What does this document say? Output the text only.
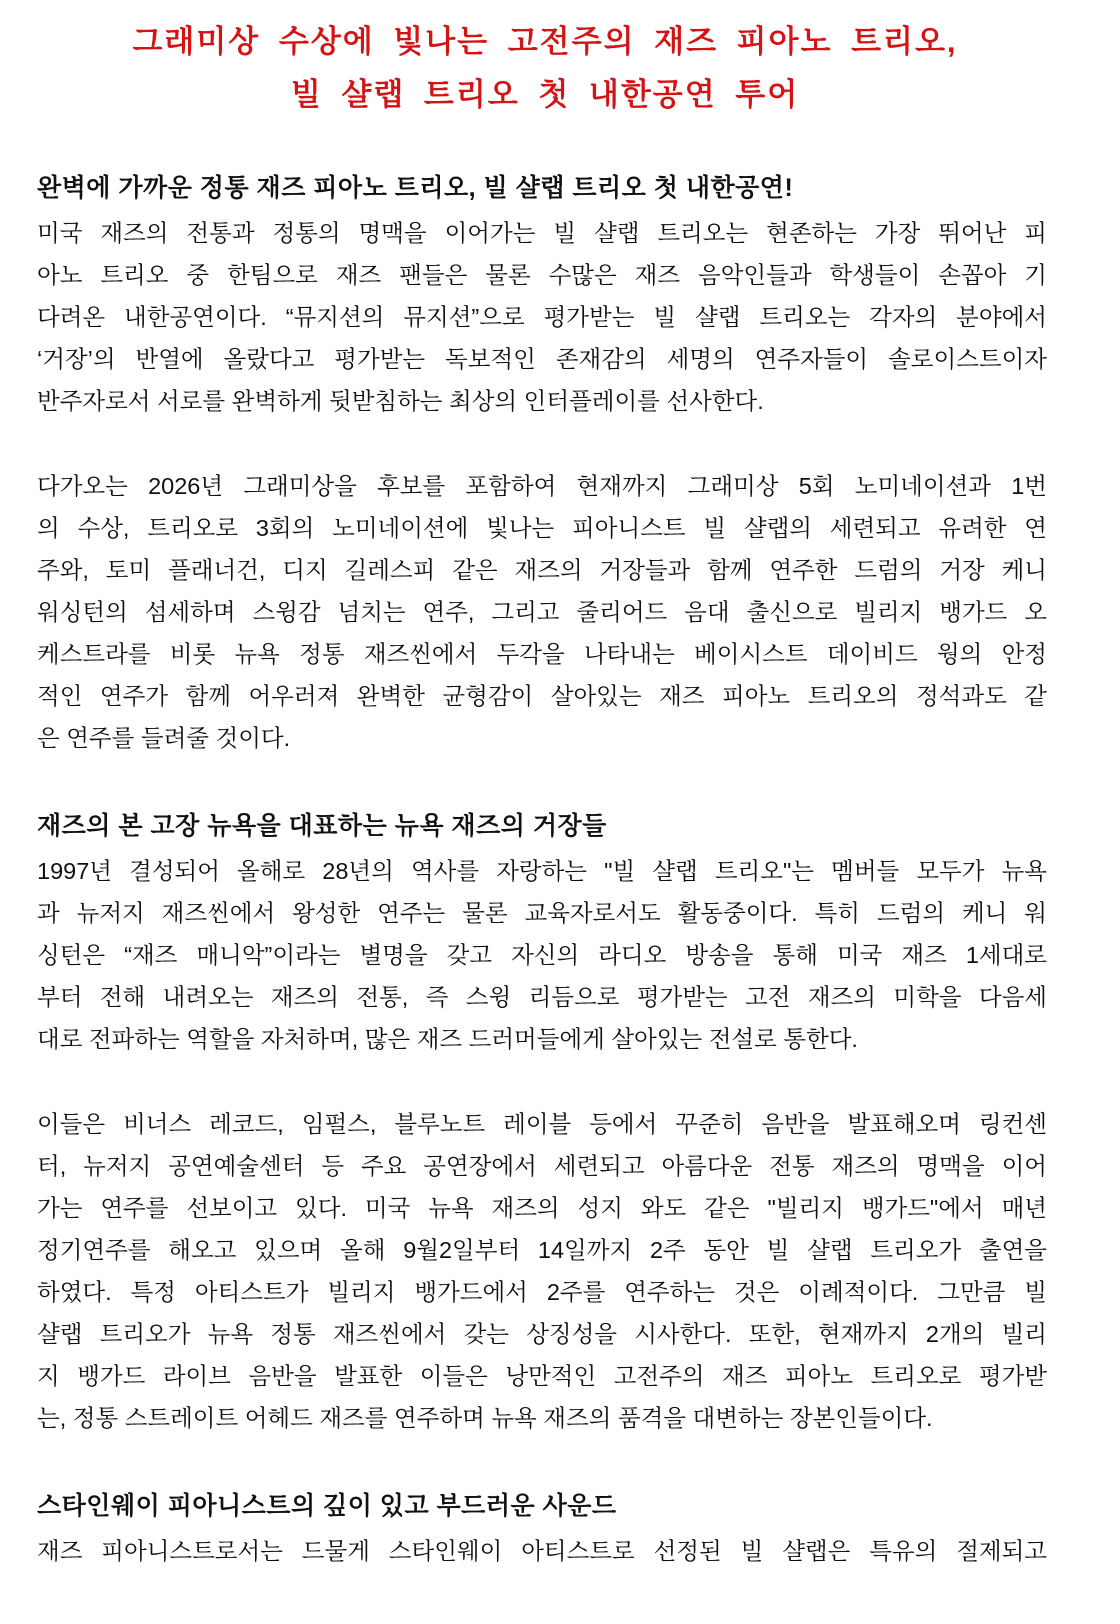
그래미상 수상에 빛나는 고전주의 재즈 피아노 트리오,
빌 샬랩 트리오 첫 내한공연 투어
완벽에 가까운 정통 재즈 피아노 트리오, 빌 샬랩 트리오 첫 내한공연!
미국 재즈의 전통과 정통의 명맥을 이어가는 빌 샬랩 트리오는 현존하는 가장 뛰어난 피
아노 트리오 중 한팀으로 재즈 팬들은 물론 수많은 재즈 음악인들과 학생들이 손꼽아 기
다려온 내한공연이다. “뮤지션의 뮤지션”으로 평가받는 빌 샬랩 트리오는 각자의 분야에서
‘거장’의 반열에 올랐다고 평가받는 독보적인 존재감의 세명의 연주자들이 솔로이스트이자
반주자로서 서로를 완벽하게 뒷받침하는 최상의 인터플레이를 선사한다.
다가오는 2026년 그래미상을 후보를 포함하여 현재까지 그래미상 5회 노미네이션과 1번
의 수상, 트리오로 3회의 노미네이션에 빛나는 피아니스트 빌 샬랩의 세련되고 유려한 연
주와, 토미 플래너건, 디지 길레스피 같은 재즈의 거장들과 함께 연주한 드럼의 거장 케니
워싱턴의 섬세하며 스윙감 넘치는 연주, 그리고 줄리어드 음대 출신으로 빌리지 뱅가드 오
케스트라를 비롯 뉴욕 정통 재즈씬에서 두각을 나타내는 베이시스트 데이비드 웡의 안정
적인 연주가 함께 어우러져 완벽한 균형감이 살아있는 재즈 피아노 트리오의 정석과도 같
은 연주를 들려줄 것이다.
재즈의 본 고장 뉴욕을 대표하는 뉴욕 재즈의 거장들
1997년 결성되어 올해로 28년의 역사를 자랑하는 "빌 샬랩 트리오"는 멤버들 모두가 뉴욕
과 뉴저지 재즈씬에서 왕성한 연주는 물론 교육자로서도 활동중이다. 특히 드럼의 케니 워
싱턴은 “재즈 매니악”이라는 별명을 갖고 자신의 라디오 방송을 통해 미국 재즈 1세대로
부터 전해 내려오는 재즈의 전통, 즉 스윙 리듬으로 평가받는 고전 재즈의 미학을 다음세
대로 전파하는 역할을 자처하며, 많은 재즈 드러머들에게 살아있는 전설로 통한다.
이들은 비너스 레코드, 임펄스, 블루노트 레이블 등에서 꾸준히 음반을 발표해오며 링컨센
터, 뉴저지 공연예술센터 등 주요 공연장에서 세련되고 아름다운 전통 재즈의 명맥을 이어
가는 연주를 선보이고 있다. 미국 뉴욕 재즈의 성지 와도 같은 "빌리지 뱅가드"에서 매년
정기연주를 해오고 있으며 올해 9월2일부터 14일까지 2주 동안 빌 샬랩 트리오가 출연을
하였다. 특정 아티스트가 빌리지 뱅가드에서 2주를 연주하는 것은 이례적이다. 그만큼 빌
샬랩 트리오가 뉴욕 정통 재즈씬에서 갖는 상징성을 시사한다. 또한, 현재까지 2개의 빌리
지 뱅가드 라이브 음반을 발표한 이들은 낭만적인 고전주의 재즈 피아노 트리오로 평가받
는, 정통 스트레이트 어헤드 재즈를 연주하며 뉴욕 재즈의 품격을 대변하는 장본인들이다.
스타인웨이 피아니스트의 깊이 있고 부드러운 사운드
재즈 피아니스트로서는 드물게 스타인웨이 아티스트로 선정된 빌 샬랩은 특유의 절제되고
